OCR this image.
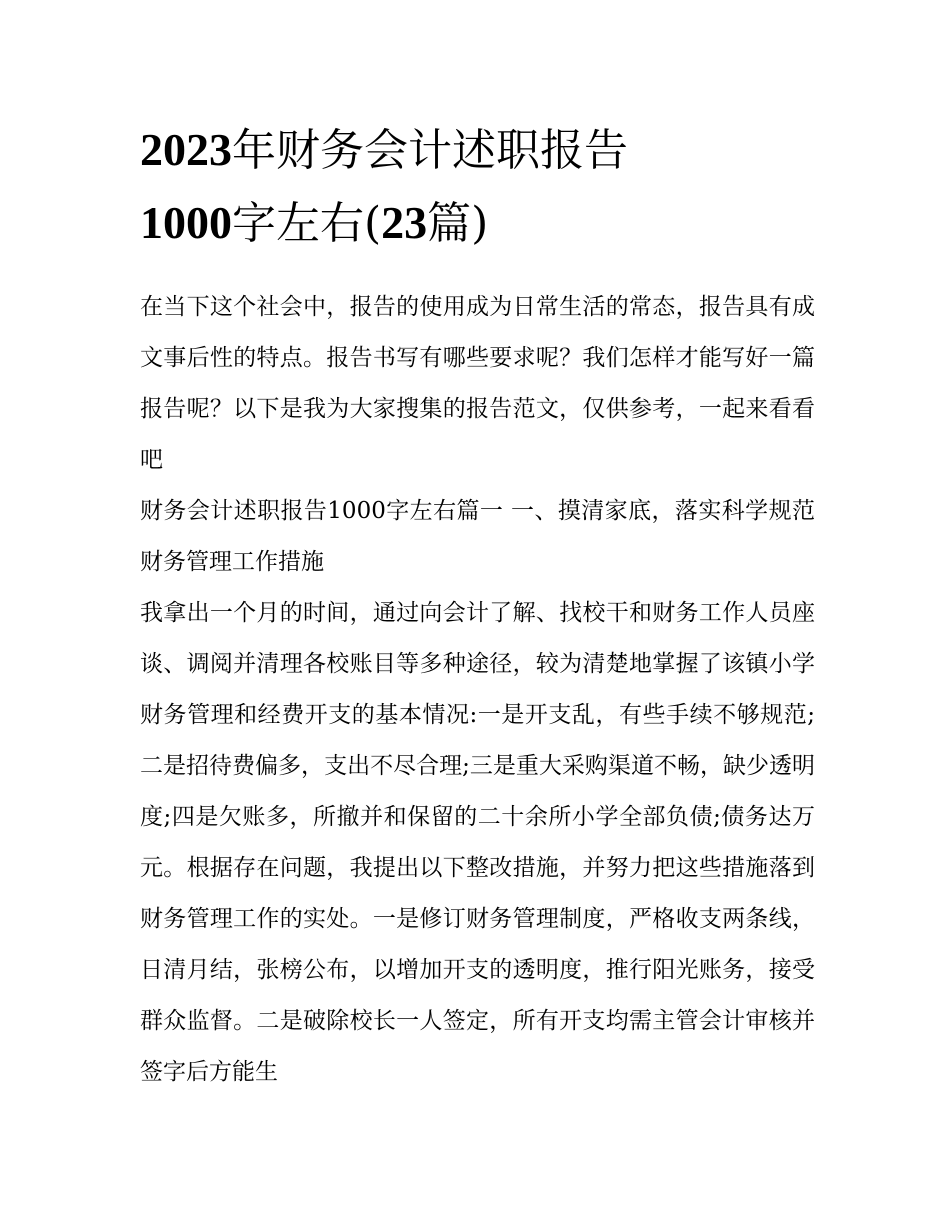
2023年财务会计述职报告
1000字左右(23篇)

在当下这个社会中，报告的使用成为日常生活的常态，报告具有成文事后性的特点。报告书写有哪些要求呢？我们怎样才能写好一篇报告呢？以下是我为大家搜集的报告范文，仅供参考，一起来看看吧

财务会计述职报告1000字左右篇一 一、摸清家底，落实科学规范财务管理工作措施

我拿出一个月的时间，通过向会计了解、找校干和财务工作人员座谈、调阅并清理各校账目等多种途径，较为清楚地掌握了该镇小学财务管理和经费开支的基本情况:一是开支乱，有些手续不够规范;二是招待费偏多，支出不尽合理;三是重大采购渠道不畅，缺少透明度;四是欠账多，所撤并和保留的二十余所小学全部负债;债务达万元。根据存在问题，我提出以下整改措施，并努力把这些措施落到财务管理工作的实处。一是修订财务管理制度，严格收支两条线，日清月结，张榜公布，以增加开支的透明度，推行阳光账务，接受群众监督。二是破除校长一人签定，所有开支均需主管会计审核并签字后方能生
